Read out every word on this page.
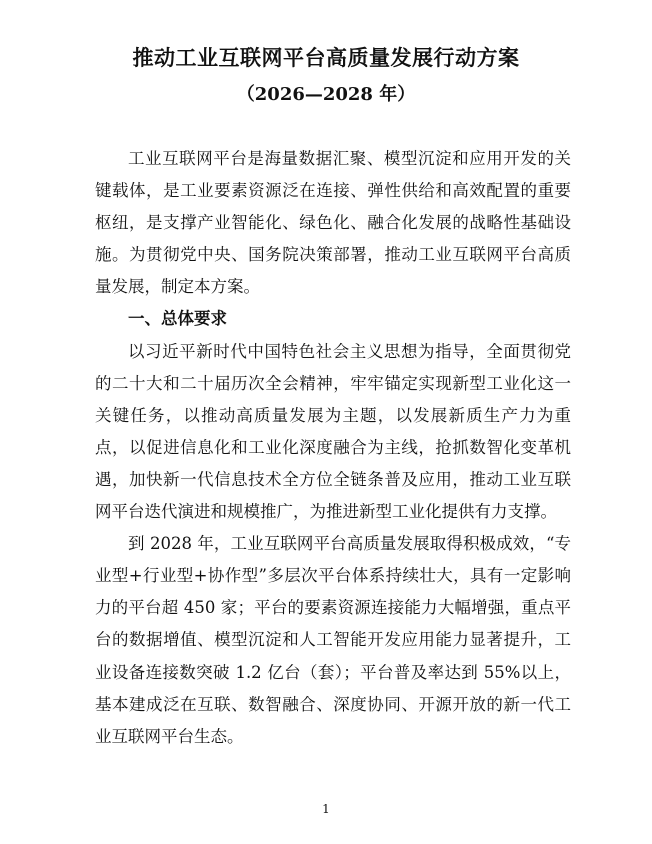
推动工业互联网平台高质量发展行动方案
（2026—2028 年）

工业互联网平台是海量数据汇聚、模型沉淀和应用开发的关键载体，是工业要素资源泛在连接、弹性供给和高效配置的重要枢纽，是支撑产业智能化、绿色化、融合化发展的战略性基础设施。为贯彻党中央、国务院决策部署，推动工业互联网平台高质量发展，制定本方案。

一、总体要求

以习近平新时代中国特色社会主义思想为指导，全面贯彻党的二十大和二十届历次全会精神，牢牢锚定实现新型工业化这一关键任务，以推动高质量发展为主题，以发展新质生产力为重点，以促进信息化和工业化深度融合为主线，抢抓数智化变革机遇，加快新一代信息技术全方位全链条普及应用，推动工业互联网平台迭代演进和规模推广，为推进新型工业化提供有力支撑。

到 2028 年，工业互联网平台高质量发展取得积极成效，“专业型+行业型+协作型”多层次平台体系持续壮大，具有一定影响力的平台超 450 家；平台的要素资源连接能力大幅增强，重点平台的数据增值、模型沉淀和人工智能开发应用能力显著提升，工业设备连接数突破 1.2 亿台（套）；平台普及率达到 55%以上，基本建成泛在互联、数智融合、深度协同、开源开放的新一代工业互联网平台生态。

1
